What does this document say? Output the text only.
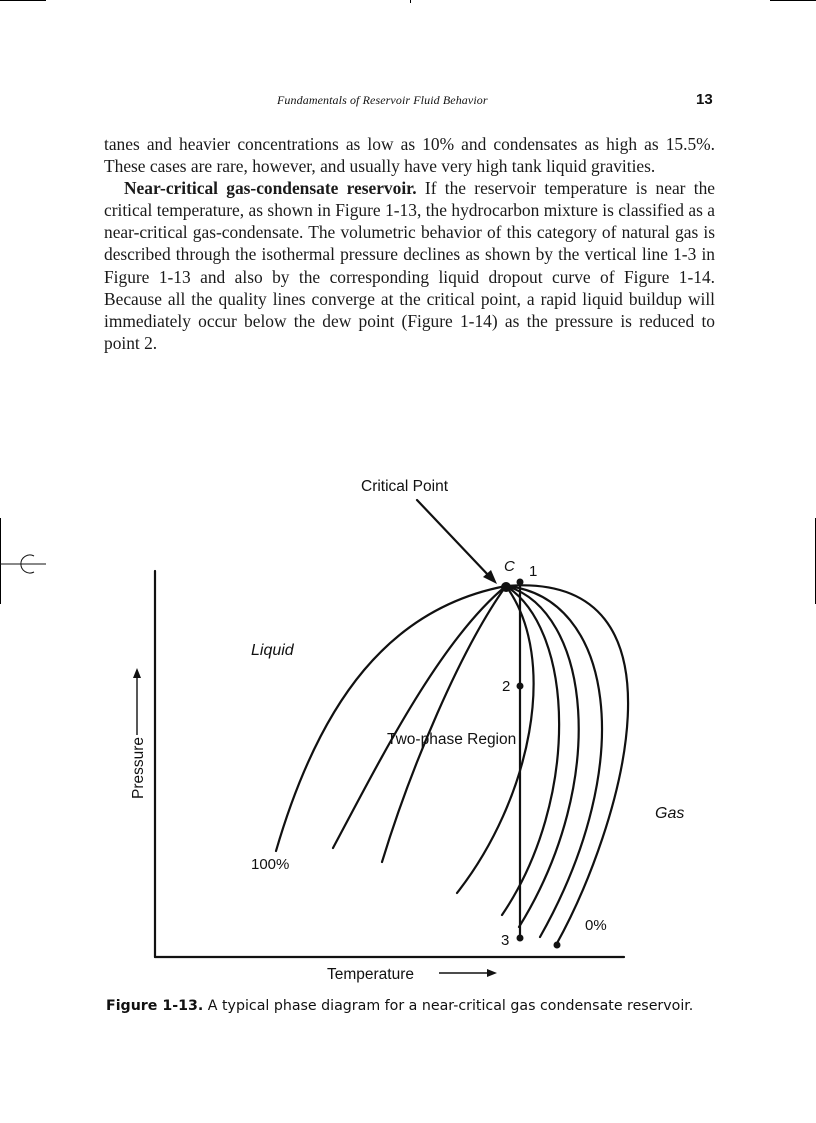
Fundamentals of Reservoir Fluid Behavior	13

tanes and heavier concentrations as low as 10% and condensates as high as 15.5%. These cases are rare, however, and usually have very high tank liquid gravities.

Near-critical gas-condensate reservoir. If the reservoir temperature is near the critical temperature, as shown in Figure 1-13, the hydrocarbon mixture is classified as a near-critical gas-condensate. The volumetric behavior of this category of natural gas is described through the isothermal pressure declines as shown by the vertical line 1-3 in Figure 1-13 and also by the corresponding liquid dropout curve of Figure 1-14. Because all the quality lines converge at the critical point, a rapid liquid buildup will immediately occur below the dew point (Figure 1-14) as the pressure is reduced to point 2.

Critical Point
C 1
2
3
Liquid
Two-phase Region
Gas
100%
0%
Pressure
Temperature
Figure 1-13. A typical phase diagram for a near-critical gas condensate reservoir.
